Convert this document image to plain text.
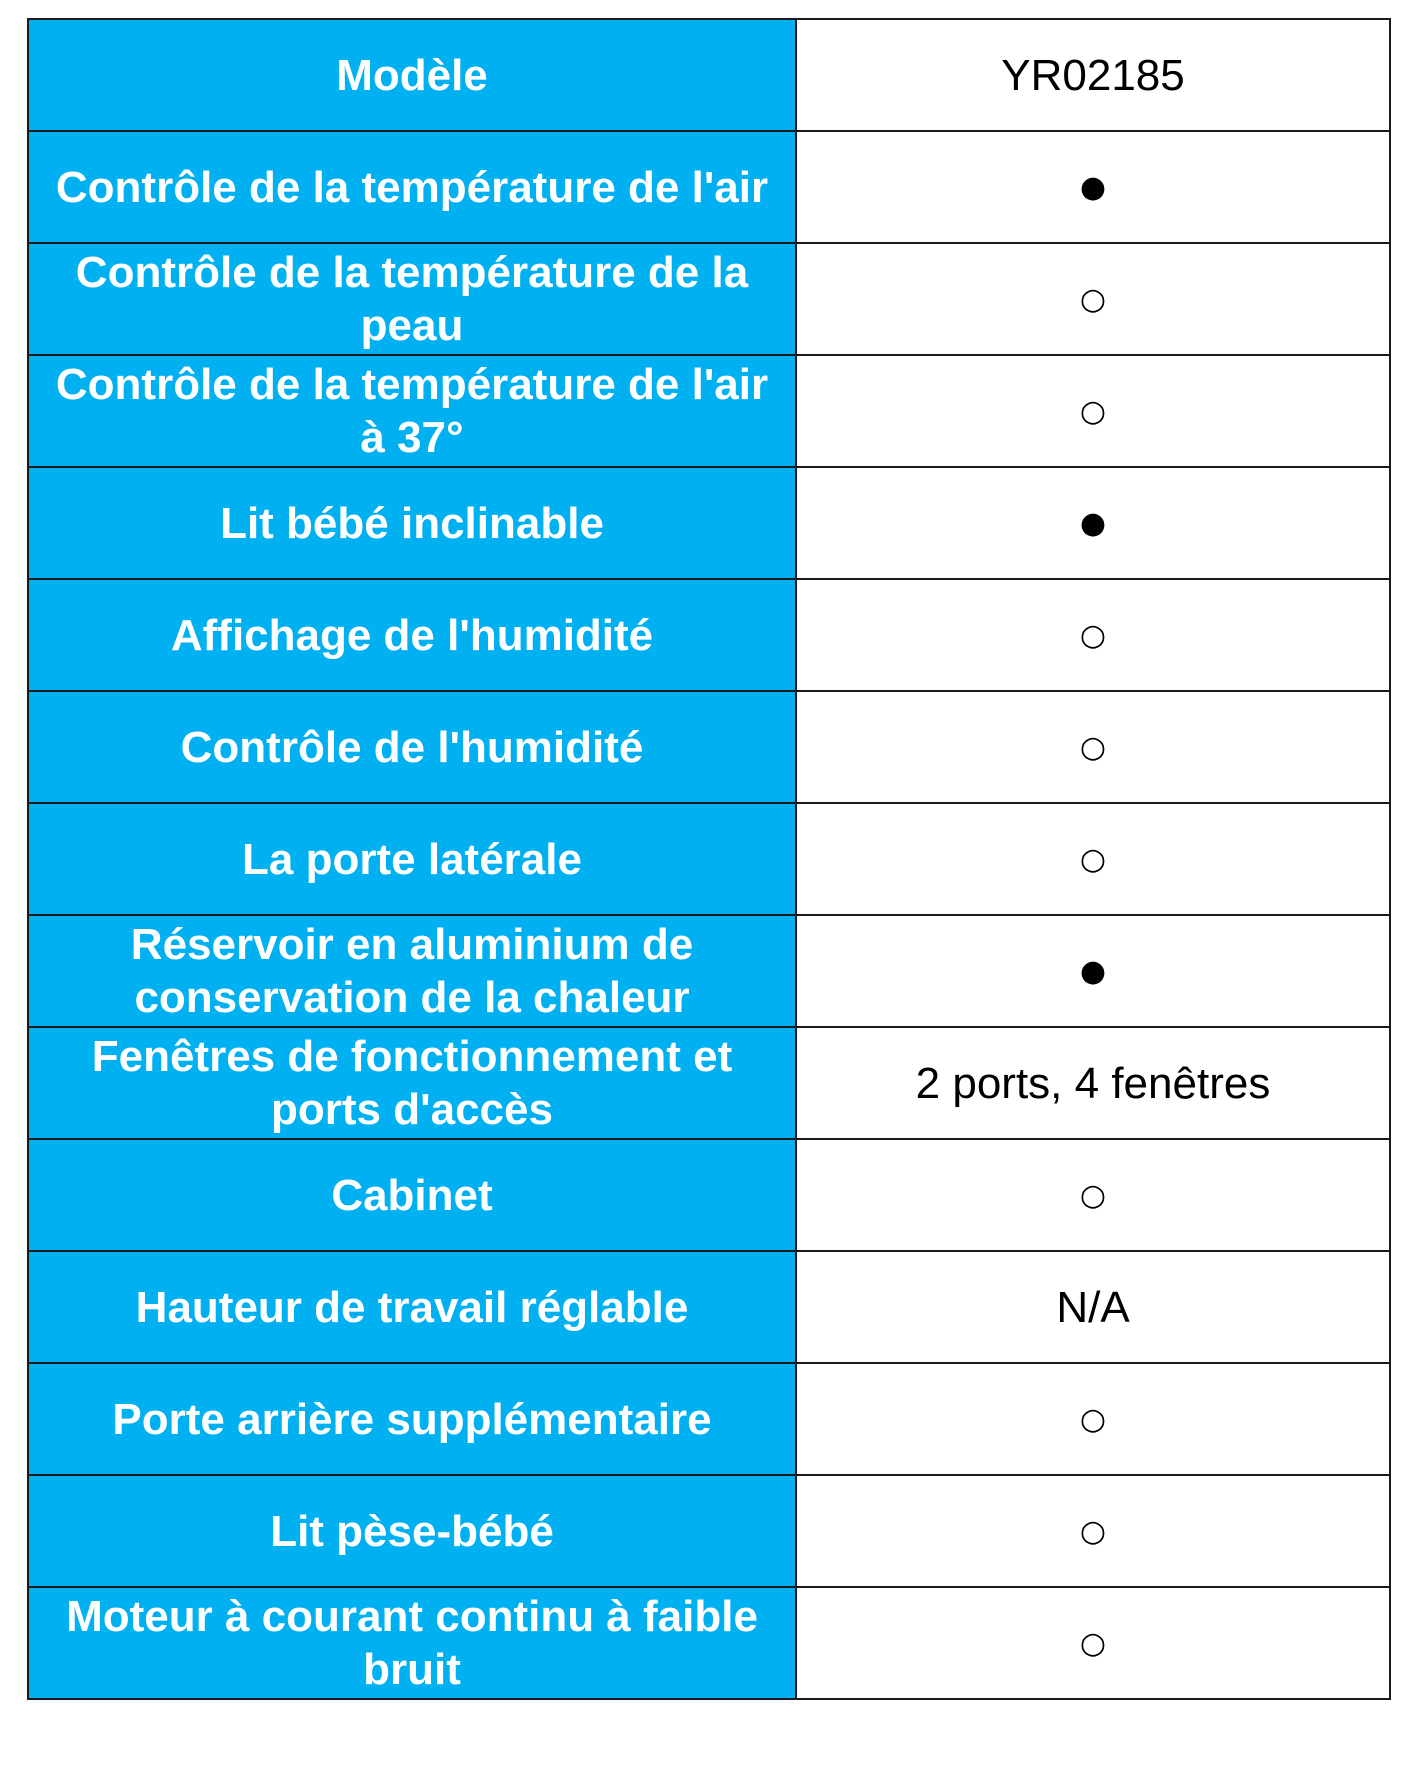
Modèle	YR02185
Contrôle de la température de l'air	●
Contrôle de la température de la peau	○
Contrôle de la température de l'air à 37°	○
Lit bébé inclinable	●
Affichage de l'humidité	○
Contrôle de l'humidité	○
La porte latérale	○
Réservoir en aluminium de conservation de la chaleur	●
Fenêtres de fonctionnement et ports d'accès	2 ports, 4 fenêtres
Cabinet	○
Hauteur de travail réglable	N/A
Porte arrière supplémentaire	○
Lit pèse-bébé	○
Moteur à courant continu à faible bruit	○
